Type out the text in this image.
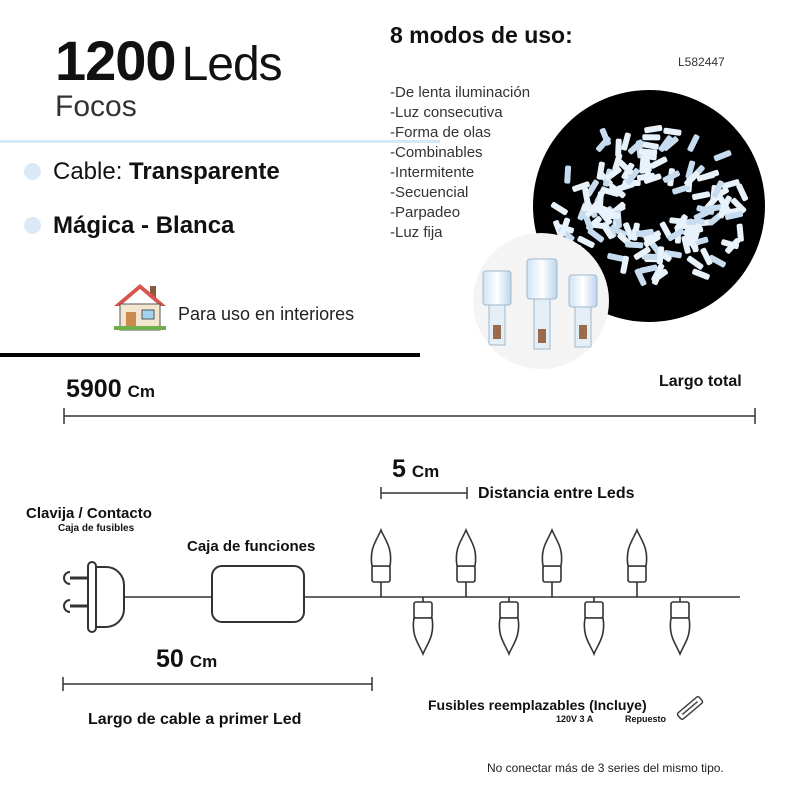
1200 Leds
Focos
Cable: Transparente
Mágica - Blanca
Para uso en interiores
8 modos de uso:
L582447
-De lenta iluminación
-Luz consecutiva
-Forma de olas
-Combinables
-Intermitente
-Secuencial
-Parpadeo
-Luz fija
5900 Cm
Largo total
5 Cm
Distancia entre Leds
50 Cm
Largo de cable a primer Led
Clavija / Contacto
Caja de fusibles
Caja de funciones
Fusibles reemplazables (Incluye)
120V 3 A	Repuesto
No conectar más de 3 series del mismo tipo.
